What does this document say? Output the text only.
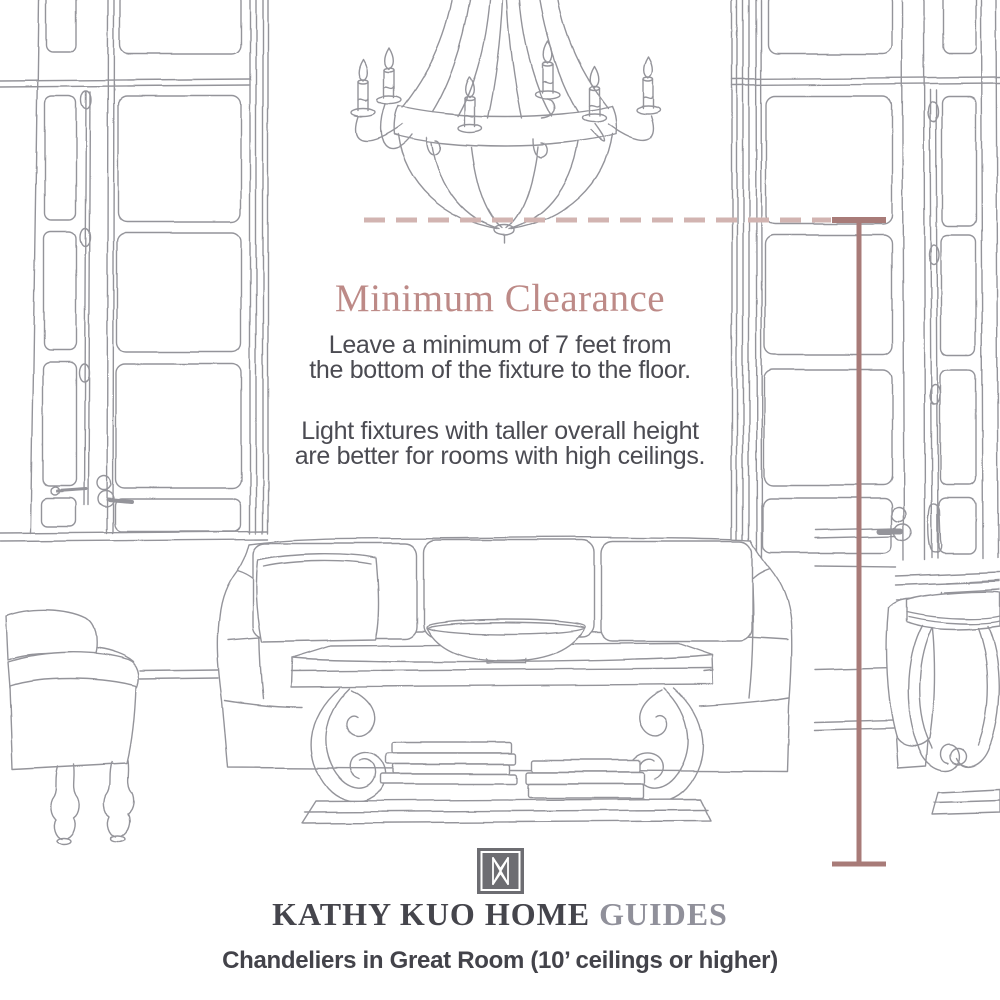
Minimum Clearance
Leave a minimum of 7 feet from
the bottom of the fixture to the floor.
Light fixtures with taller overall height
are better for rooms with high ceilings.
KATHY KUO HOME GUIDES
Chandeliers in Great Room (10’ ceilings or higher)
